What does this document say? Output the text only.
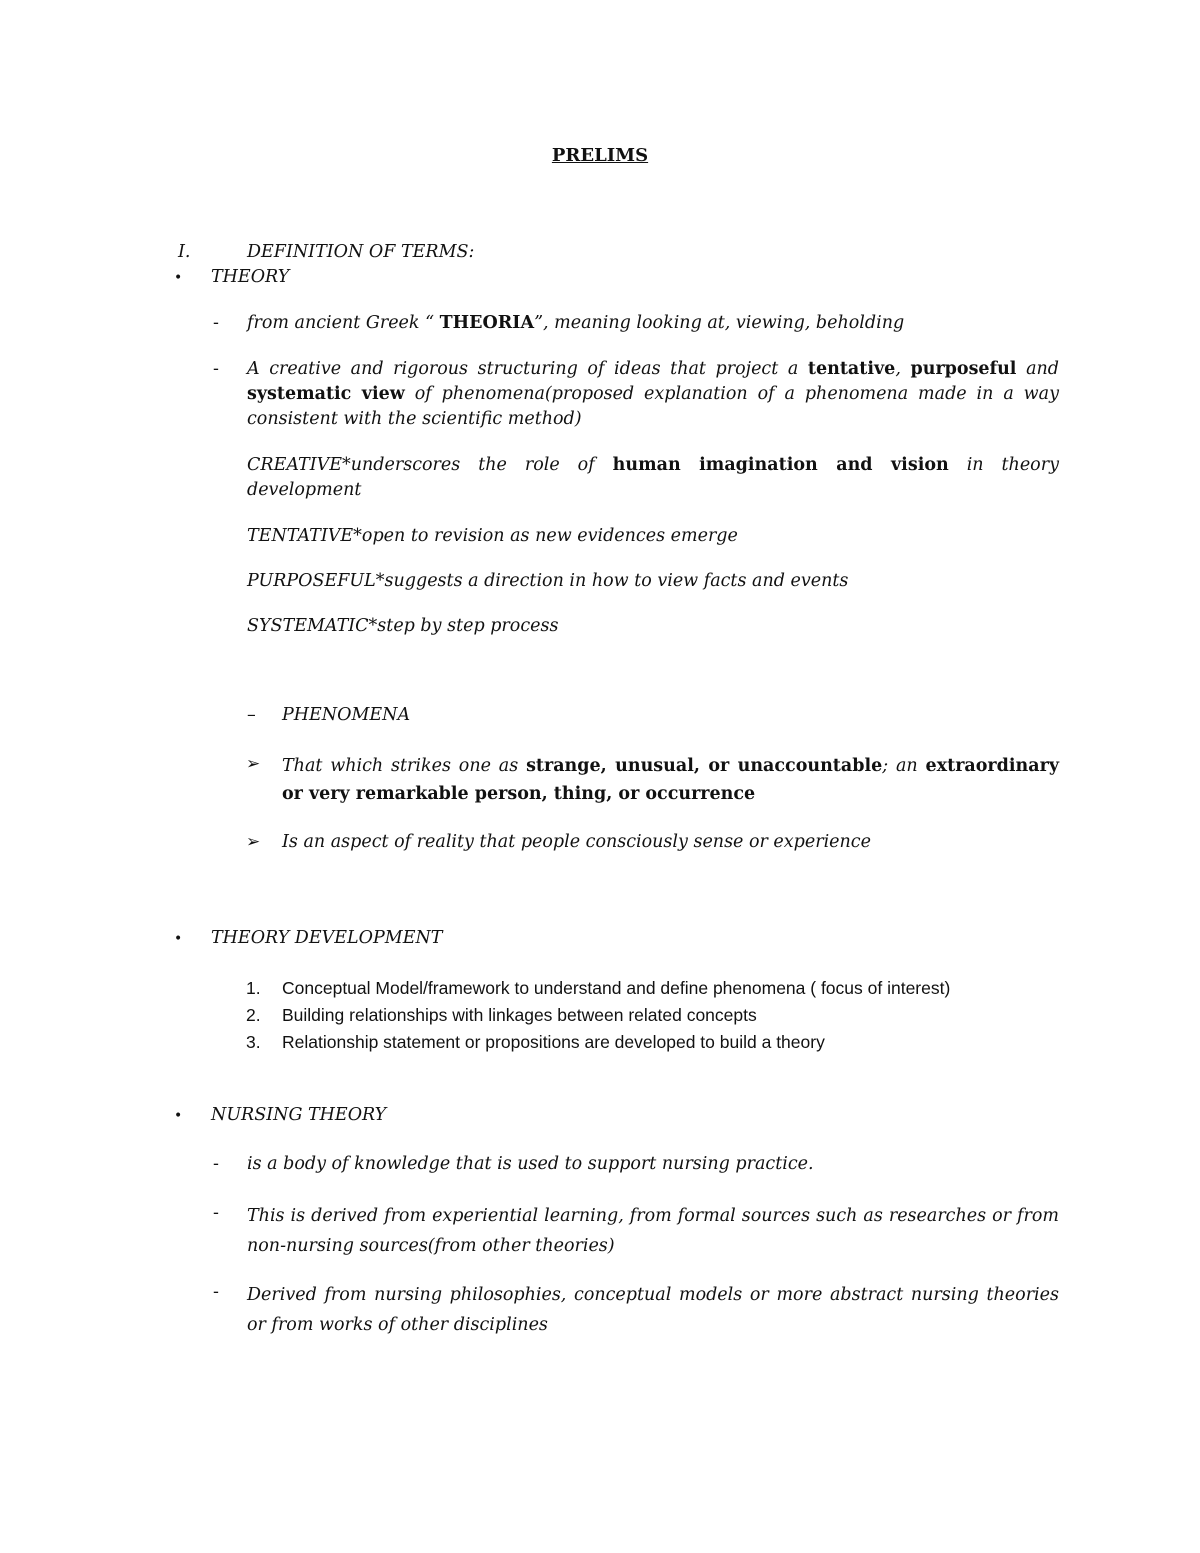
PRELIMS
I.	DEFINITION OF TERMS:
• THEORY
- from ancient Greek “ THEORIA”, meaning looking at, viewing, beholding
- A creative and rigorous structuring of ideas that project a tentative, purposeful and systematic view of phenomena(proposed explanation of a phenomena made in a way consistent with the scientific method)
CREATIVE*underscores the role of human imagination and vision in theory development
TENTATIVE*open to revision as new evidences emerge
PURPOSEFUL*suggests a direction in how to view facts and events
SYSTEMATIC*step by step process
– PHENOMENA
➢ That which strikes one as strange, unusual, or unaccountable; an extraordinary or very remarkable person, thing, or occurrence
➢ Is an aspect of reality that people consciously sense or experience
• THEORY DEVELOPMENT
1. Conceptual Model/framework to understand and define phenomena ( focus of interest)
2. Building relationships with linkages between related concepts
3. Relationship statement or propositions are developed to build a theory
• NURSING THEORY
- is a body of knowledge that is used to support nursing practice.
- This is derived from experiential learning, from formal sources such as researches or from non-nursing sources(from other theories)
- Derived from nursing philosophies, conceptual models or more abstract nursing theories or from works of other disciplines
